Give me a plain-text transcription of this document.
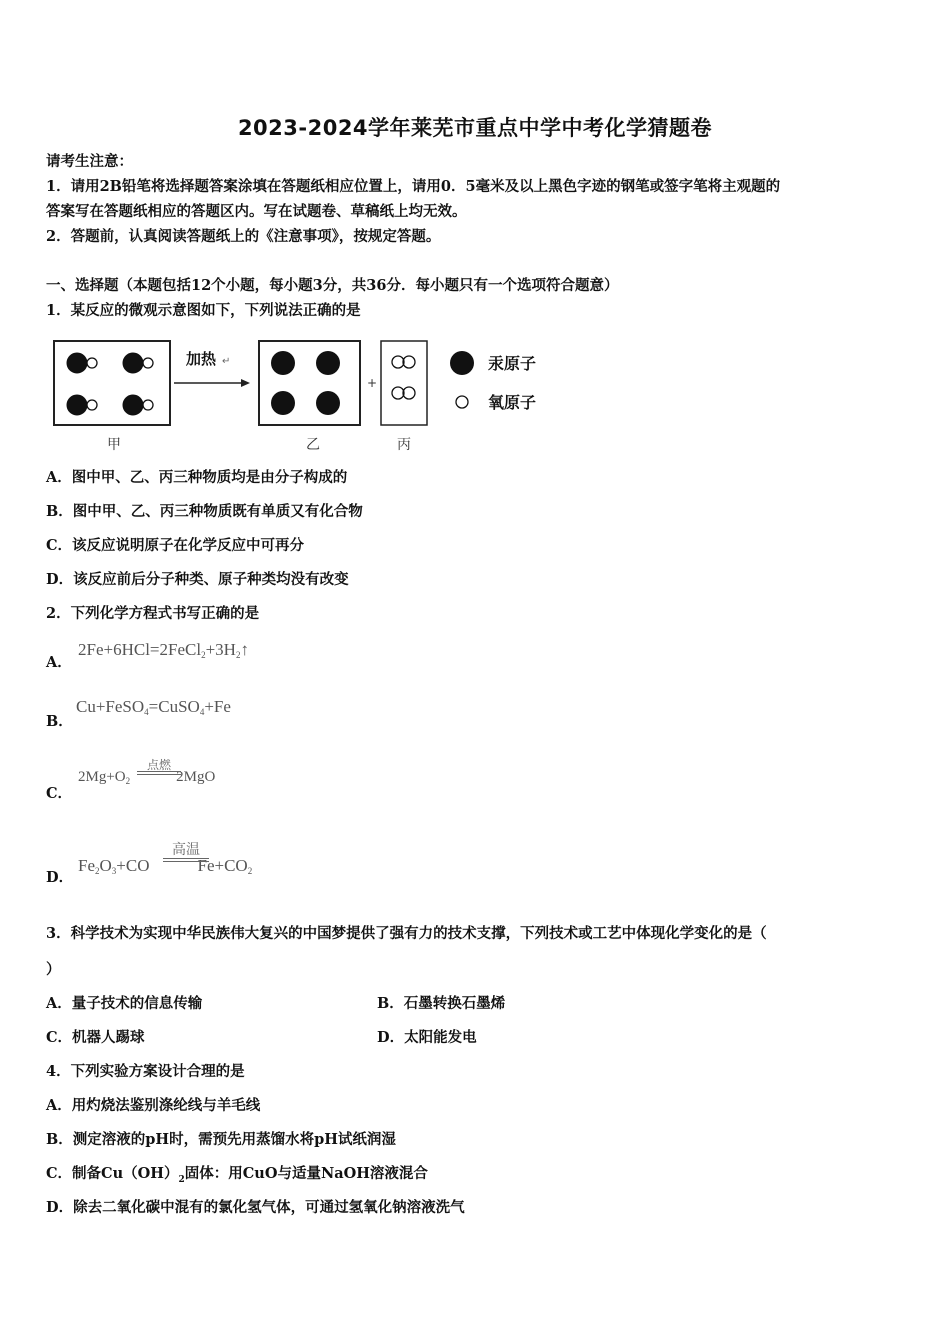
2023-2024学年莱芜市重点中学中考化学猜题卷
请考生注意：
1．请用2B铅笔将选择题答案涂填在答题纸相应位置上，请用0．5毫米及以上黑色字迹的钢笔或签字笔将主观题的
答案写在答题纸相应的答题区内。写在试题卷、草稿纸上均无效。
2．答题前，认真阅读答题纸上的《注意事项》，按规定答题。
一、选择题（本题包括12个小题，每小题3分，共36分．每小题只有一个选项符合题意）
1．某反应的微观示意图如下，下列说法正确的是
加热 ↵
+
汞原子
氧原子
甲	乙	丙
A．图中甲、乙、丙三种物质均是由分子构成的
B．图中甲、乙、丙三种物质既有单质又有化合物
C．该反应说明原子在化学反应中可再分
D．该反应前后分子种类、原子种类均没有改变
2．下列化学方程式书写正确的是
A．
$2Fe+6HCl=2FeCl_2+3H_2↑$
B．
Cu+FeSO$_4$=CuSO$_4$+Fe
C．
$2Mg+O_2$	2MgO
点燃
D．
$Fe_2O_3+CO$	$Fe+CO_2$
高温
3．科学技术为实现中华民族伟大复兴的中国梦提供了强有力的技术支撑，下列技术或工艺中体现化学变化的是（
）
A．量子技术的信息传输	B．石墨转换石墨烯
C．机器人踢球	D．太阳能发电
4．下列实验方案设计合理的是
A．用灼烧法鉴别涤纶线与羊毛线
B．测定溶液的pH时，需预先用蒸馏水将pH试纸润湿
C．制备$Cu(OH)_2$固体：用CuO与适量NaOH溶液混合
D．除去二氧化碳中混有的氯化氢气体，可通过氢氧化钠溶液洗气
